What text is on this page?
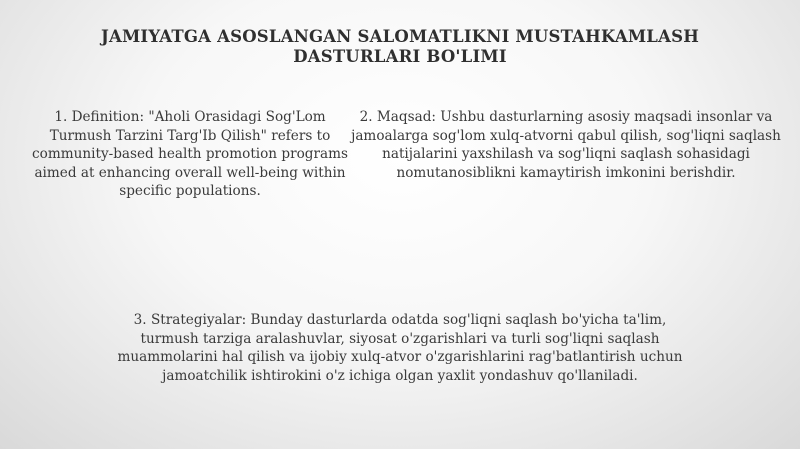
JAMIYATGA ASOSLANGAN SALOMATLIKNI MUSTAHKAMLASH DASTURLARI BO'LIMI
1. Definition: "Aholi Orasidagi Sog'Lom Turmush Tarzini Targ'Ib Qilish" refers to community-based health promotion programs aimed at enhancing overall well-being within specific populations.
2. Maqsad: Ushbu dasturlarning asosiy maqsadi insonlar va jamoalarga sog'lom xulq-atvorni qabul qilish, sog'liqni saqlash natijalarini yaxshilash va sog'liqni saqlash sohasidagi nomutanosiblikni kamaytirish imkonini berishdir.
3. Strategiyalar: Bunday dasturlarda odatda sog'liqni saqlash bo'yicha ta'lim, turmush tarziga aralashuvlar, siyosat o'zgarishlari va turli sog'liqni saqlash muammolarini hal qilish va ijobiy xulq-atvor o'zgarishlarini rag'batlantirish uchun jamoatchilik ishtirokini o'z ichiga olgan yaxlit yondashuv qo'llaniladi.
